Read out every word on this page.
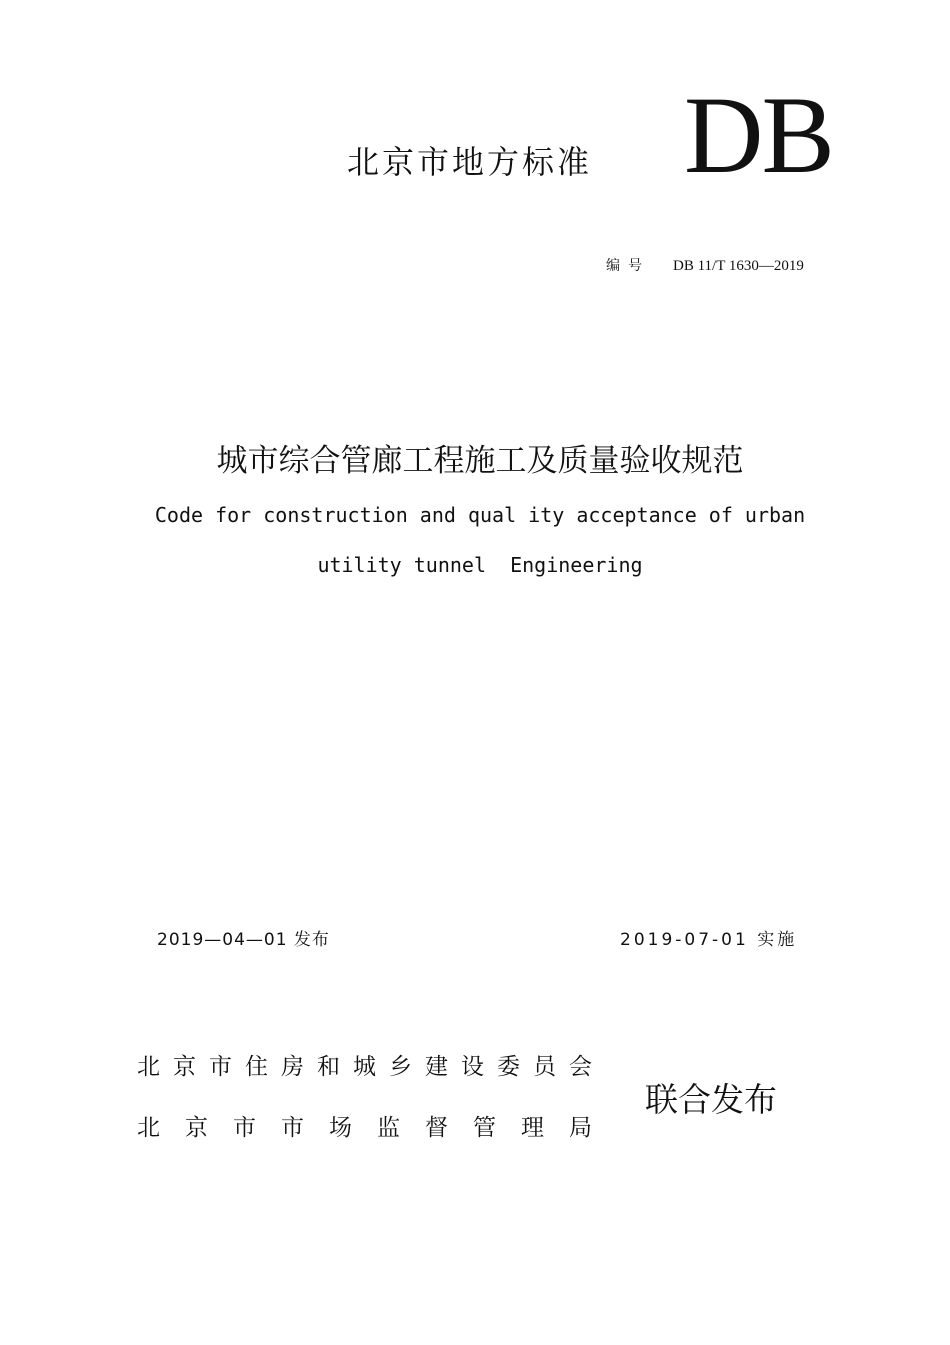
北京市地方标准 DB
编号 DB 11/T 1630—2019
城市综合管廊工程施工及质量验收规范
Code for construction and qual ity acceptance of urban
utility tunnel  Engineering
2019—04—01 发布	2019-07-01 实施
北京市住房和城乡建设委员会
北京市市场监督管理局
联合发布
